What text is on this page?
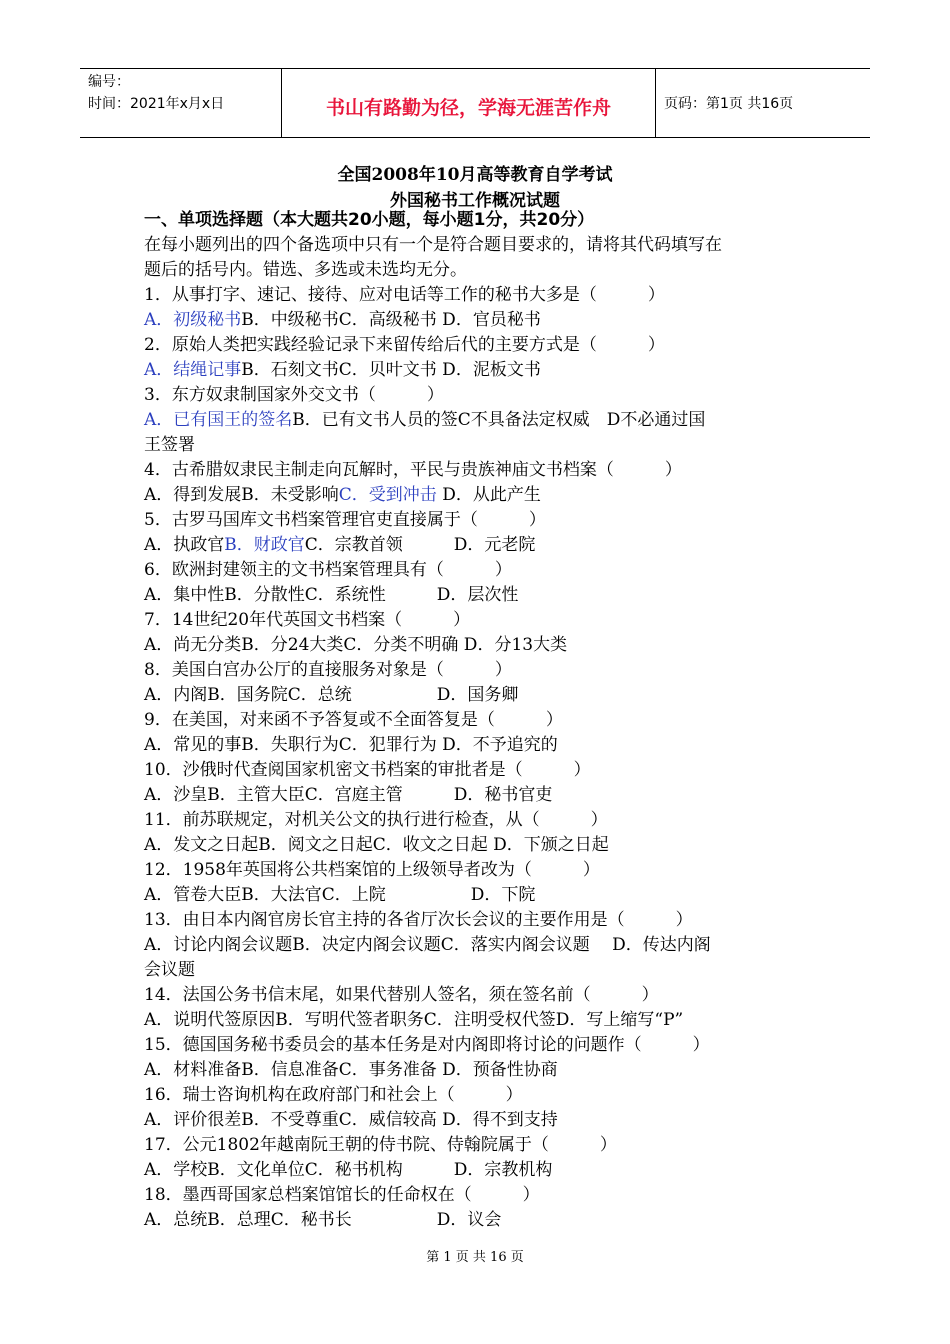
编号：
时间：2021年x月x日	书山有路勤为径，学海无涯苦作舟	页码：第1页 共16页
全国2008年10月高等教育自学考试
外国秘书工作概况试题
一、单项选择题（本大题共20小题，每小题1分，共20分）
在每小题列出的四个备选项中只有一个是符合题目要求的，请将其代码填写在
题后的括号内。错选、多选或未选均无分。
1．从事打字、速记、接待、应对电话等工作的秘书大多是（　　　）
A．初级秘书B．中级秘书C．高级秘书 D．官员秘书
2．原始人类把实践经验记录下来留传给后代的主要方式是（　　　）
A．结绳记事B．石刻文书C．贝叶文书 D．泥板文书
3．东方奴隶制国家外交文书（　　　）
A．已有国王的签名B．已有文书人员的签C不具备法定权威　D不必通过国
王签署
4．古希腊奴隶民主制走向瓦解时，平民与贵族神庙文书档案（　　　）
A．得到发展B．未受影响C．受到冲击 D．从此产生
5．古罗马国库文书档案管理官吏直接属于（　　　）
A．执政官B．财政官C．宗教首领　　　D．元老院
6．欧洲封建领主的文书档案管理具有（　　　）
A．集中性B．分散性C．系统性　　　D．层次性
7．14世纪20年代英国文书档案（　　　）
A．尚无分类B．分24大类C．分类不明确 D．分13大类
8．美国白宫办公厅的直接服务对象是（　　　）
A．内阁B．国务院C．总统　　　　　D．国务卿
9．在美国，对来函不予答复或不全面答复是（　　　）
A．常见的事B．失职行为C．犯罪行为 D．不予追究的
10．沙俄时代查阅国家机密文书档案的审批者是（　　　）
A．沙皇B．主管大臣C．宫庭主管　　　D．秘书官吏
11．前苏联规定，对机关公文的执行进行检查，从（　　　）
A．发文之日起B．阅文之日起C．收文之日起 D．下颁之日起
12．1958年英国将公共档案馆的上级领导者改为（　　　）
A．管卷大臣B．大法官C．上院　　　　　D．下院
13．由日本内阁官房长官主持的各省厅次长会议的主要作用是（　　　）
A．讨论内阁会议题B．决定内阁会议题C．落实内阁会议题　 D．传达内阁
会议题
14．法国公务书信末尾，如果代替别人签名，须在签名前（　　　）
A．说明代签原因B．写明代签者职务C．注明受权代签D．写上缩写“P”
15．德国国务秘书委员会的基本任务是对内阁即将讨论的问题作（　　　）
A．材料准备B．信息准备C．事务准备 D．预备性协商
16．瑞士咨询机构在政府部门和社会上（　　　）
A．评价很差B．不受尊重C．威信较高 D．得不到支持
17．公元1802年越南阮王朝的侍书院、侍翰院属于（　　　）
A．学校B．文化单位C．秘书机构　　　D．宗教机构
18．墨西哥国家总档案馆馆长的任命权在（　　　）
A．总统B．总理C．秘书长　　　　　D．议会
第 1 页 共 16 页
